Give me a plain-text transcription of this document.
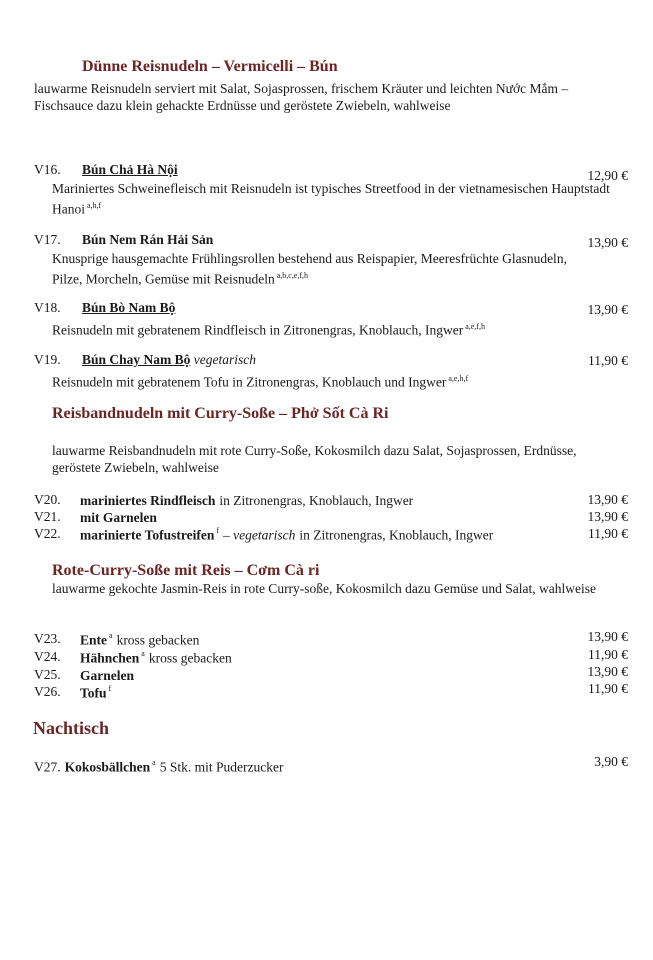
Dünne Reisnudeln – Vermicelli – Bún
lauwarme Reisnudeln serviert mit Salat, Sojasprossen, frischem Kräuter und leichten Nước Mắm – Fischsauce dazu klein gehackte Erdnüsse und geröstete Zwiebeln, wahlweise
V16. Bún Chả Hà Nội	12,90 €
Mariniertes Schweinefleisch mit Reisnudeln ist typisches Streetfood in der vietnamesischen Hauptstadt Hanoi $^{a,h,f}$
V17. Bún Nem Rán Hải Sản	13,90 €
Knusprige hausgemachte Frühlingsrollen bestehend aus Reispapier, Meeresfrüchte Glasnudeln, Pilze, Morcheln, Gemüse mit Reisnudeln $^{a,b,c,e,f,h}$
V18. Bún Bò Nam Bộ	13,90 €
Reisnudeln mit gebratenem Rindfleisch in Zitronengras, Knoblauch, Ingwer $^{a,e,f,h}$
V19. Bún Chay Nam Bộ vegetarisch	11,90 €
Reisnudeln mit gebratenem Tofu in Zitronengras, Knoblauch und Ingwer $^{a,e,h,f}$
Reisbandnudeln mit Curry-Soße – Phở Sốt Cà Ri
lauwarme Reisbandnudeln mit rote Curry-Soße, Kokosmilch dazu Salat, Sojasprossen, Erdnüsse, geröstete Zwiebeln, wahlweise
V20. mariniertes Rindfleisch in Zitronengras, Knoblauch, Ingwer	13,90 €
V21. mit Garnelen	13,90 €
V22. marinierte Tofustreifen $^f$ – vegetarisch in Zitronengras, Knoblauch, Ingwer	11,90 €
Rote-Curry-Soße mit Reis – Cơm Cà ri
lauwarme gekochte Jasmin-Reis in rote Curry-soße, Kokosmilch dazu Gemüse und Salat, wahlweise
V23. Ente $^a$ kross gebacken	13,90 €
V24. Hähnchen $^a$ kross gebacken	11,90 €
V25. Garnelen	13,90 €
V26. Tofu $^f$	11,90 €
Nachtisch
V27. Kokosbällchen $^a$ 5 Stk. mit Puderzucker	3,90 €
